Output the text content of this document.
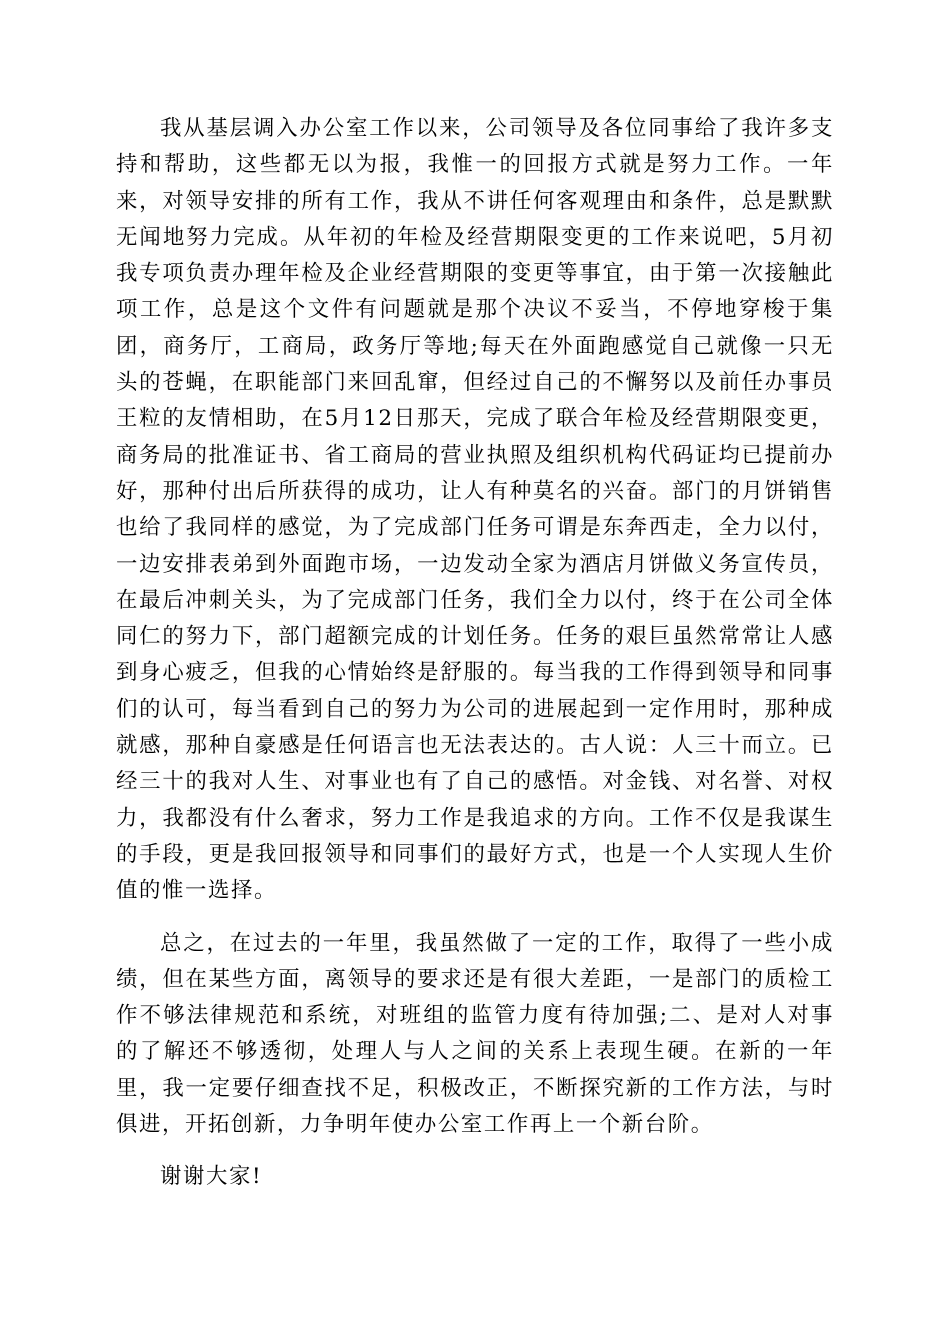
我从基层调入办公室工作以来，公司领导及各位同事给了我许多支持和帮助，这些都无以为报，我惟一的回报方式就是努力工作。一年来，对领导安排的所有工作，我从不讲任何客观理由和条件，总是默默无闻地努力完成。从年初的年检及经营期限变更的工作来说吧，5月初我专项负责办理年检及企业经营期限的变更等事宜，由于第一次接触此项工作，总是这个文件有问题就是那个决议不妥当，不停地穿梭于集团，商务厅，工商局，政务厅等地;每天在外面跑感觉自己就像一只无头的苍蝇，在职能部门来回乱窜，但经过自己的不懈努以及前任办事员王粒的友情相助，在5月12日那天，完成了联合年检及经营期限变更，商务局的批准证书、省工商局的营业执照及组织机构代码证均已提前办好，那种付出后所获得的成功，让人有种莫名的兴奋。部门的月饼销售也给了我同样的感觉，为了完成部门任务可谓是东奔西走，全力以付，一边安排表弟到外面跑市场，一边发动全家为酒店月饼做义务宣传员，在最后冲刺关头，为了完成部门任务，我们全力以付，终于在公司全体同仁的努力下，部门超额完成的计划任务。任务的艰巨虽然常常让人感到身心疲乏，但我的心情始终是舒服的。每当我的工作得到领导和同事们的认可，每当看到自己的努力为公司的进展起到一定作用时，那种成就感，那种自豪感是任何语言也无法表达的。古人说：人三十而立。已经三十的我对人生、对事业也有了自己的感悟。对金钱、对名誉、对权力，我都没有什么奢求，努力工作是我追求的方向。工作不仅是我谋生的手段，更是我回报领导和同事们的最好方式，也是一个人实现人生价值的惟一选择。

总之，在过去的一年里，我虽然做了一定的工作，取得了一些小成绩，但在某些方面，离领导的要求还是有很大差距，一是部门的质检工作不够法律规范和系统，对班组的监管力度有待加强;二、是对人对事的了解还不够透彻，处理人与人之间的关系上表现生硬。在新的一年里，我一定要仔细查找不足，积极改正，不断探究新的工作方法，与时俱进，开拓创新，力争明年使办公室工作再上一个新台阶。

谢谢大家!
